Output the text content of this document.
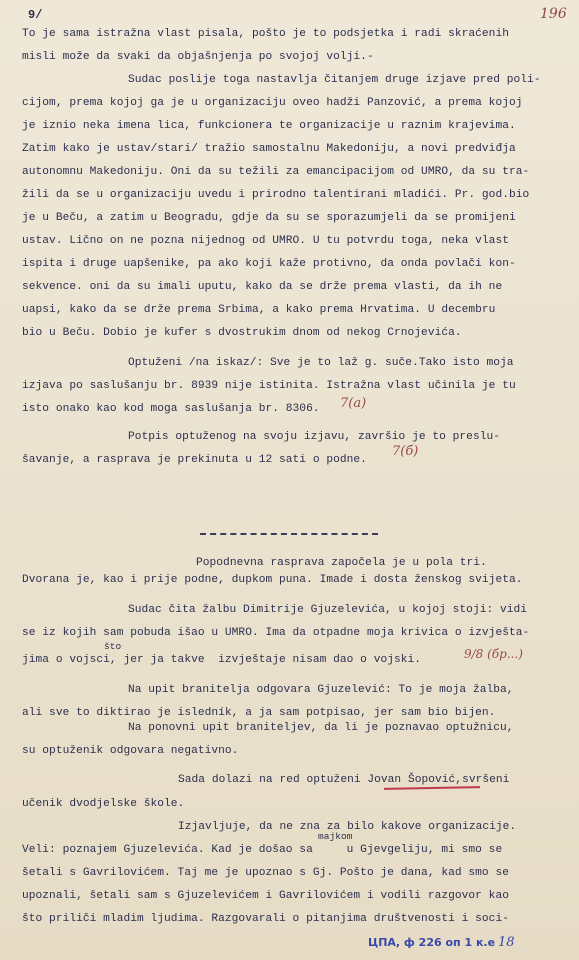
9/	196
To je sama istražna vlast pisala, pošto je to podsjetka i radi skraćenih
misli može da svaki da objašnjenja po svojoj volji.-
Sudac poslije toga nastavlja čitanjem druge izjave pred poli-
cijom, prema kojoj ga je u organizaciju oveo hadži Panzović, a prema kojoj
je iznio neka imena lica, funkcionera te organizacije u raznim krajevima.
Zatim kako je ustav/stari/ tražio samostalnu Makedoniju, a novi predviđja
autonomnu Makedoniju. Oni da su težili za emancipacijom od UMRO, da su tra-
žili da se u organizaciju uvedu i prirodno talentirani mladići. Pr. god.bio
je u Beču, a zatim u Beogradu, gdje da su se sporazumjeli da se promijeni
ustav. Lično on ne pozna nijednog od UMRO. U tu potvrdu toga, neka vlast
ispita i druge uapšenike, pa ako koji kaže protivno, da onda povlači kon-
sekvence. oni da su imali uputu, kako da se drže prema vlasti, da ih ne
uapsi, kako da se drže prema Srbima, a kako prema Hrvatima. U decembru
bio u Beču. Dobio je kufer s dvostrukim dnom od nekog Crnojevića.
Optuženi /na iskaz/: Sve je to laž g. suče.Tako isto moja
izjava po saslušanju br. 8939 nije istinita. Istražna vlast učinila je tu
isto onako kao kod moga saslušanja br. 8306. 7(a)
Potpis optuženog na svoju izjavu, završio je to preslu-
šavanje, a rasprava je prekinuta u 12 sati o podne.
7(б)
Popodnevna rasprava započela je u pola tri.
Dvorana je, kao i prije podne, dupkom puna. Imade i dosta ženskog svijeta.
Sudac čita žalbu Dimitrije Gjuzelevića, u kojoj stoji: vidi
se iz kojih sam pobuda išao u UMRO. Ima da otpadne moja krivica o izvješta-
što
jima o vojsci, jer ja takve  izvještaje nisam dao o vojski.	9/8 (бр...)
Na upit branitelja odgovara Gjuzelević: To je moja žalba,
ali sve to diktirao je isledník, a ja sam potpisao, jer sam bio bijen.
Na ponovni upit braniteljev, da li je poznavao optužnicu,
su optuženik odgovara negativno.
Sada dolazi na red optuženi Jovan Šopović,svršeni
učenik dvodjelske škole.
Izjavljuje, da ne zna za bilo kakove organizacije.
majkom
Veli: poznajem Gjuzelevića. Kad je došao sa     u Gjevgeliju, mi smo se
šetali s Gavrilovićem. Taj me je upoznao s Gj. Pošto je dana, kad smo se
upoznali, šetali sam s Gjuzelevićem i Gavrilovićem i vodili razgovor kao
što priliči mladim ljudima. Razgovarali o pitanjima društvenosti i soci-
ЦПА, ф 226 оп 1 к.е 18
